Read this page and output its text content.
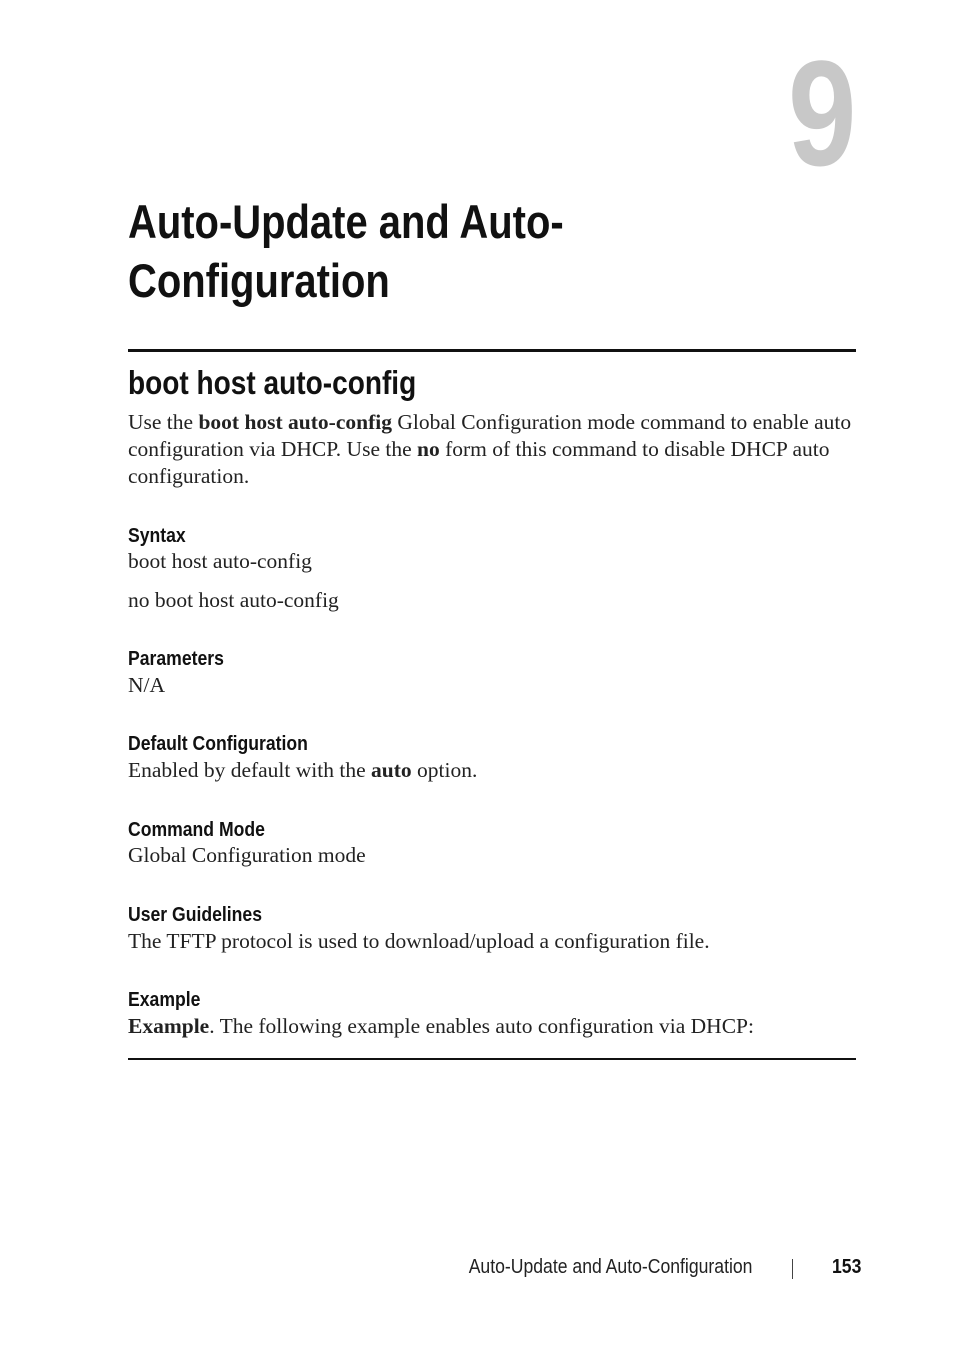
9
Auto-Update and Auto-
Configuration
boot host auto-config

Use the boot host auto-config Global Configuration mode command to enable auto configuration via DHCP. Use the no form of this command to disable DHCP auto configuration.

Syntax

boot host auto-config

no boot host auto-config

Parameters

N/A

Default Configuration

Enabled by default with the auto option.

Command Mode

Global Configuration mode

User Guidelines

The TFTP protocol is used to download/upload a configuration file.

Example

Example. The following example enables auto configuration via DHCP:

Auto-Update and Auto-Configuration	153
